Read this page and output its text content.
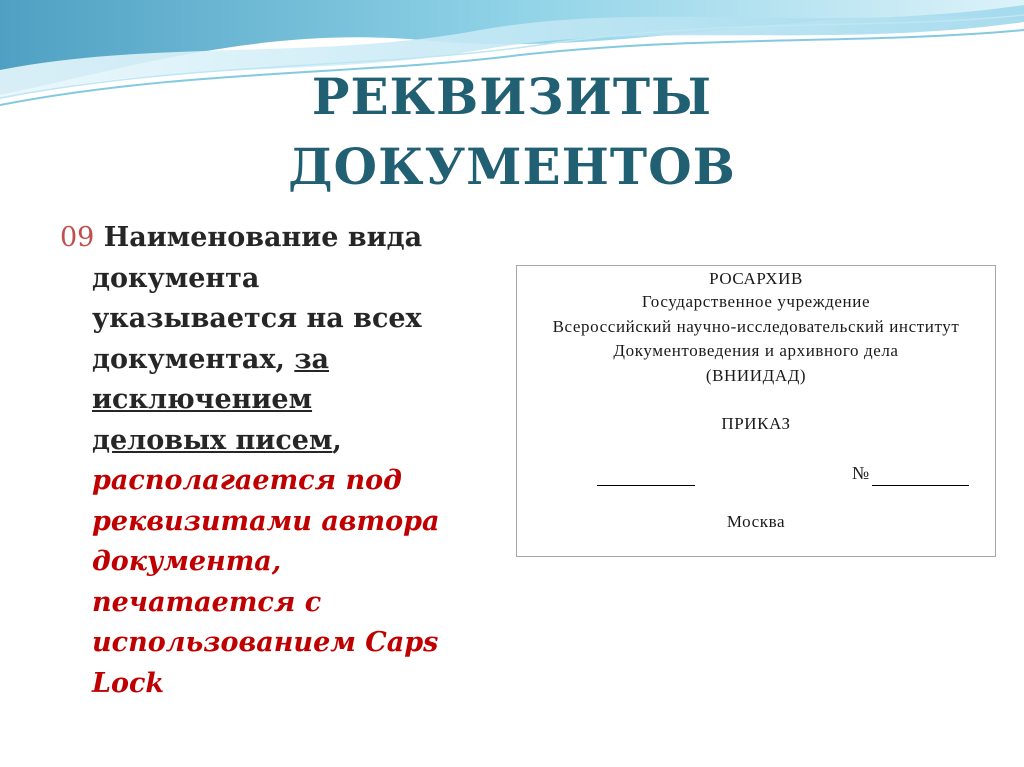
РЕКВИЗИТЫ
ДОКУМЕНТОВ
09 Наименование вида
документа
указывается на всех
документах, за
исключением
деловых писем,
располагается под
реквизитами автора
документа,
печатается с
использованием Caps
Lock
РОСАРХИВ
Государственное учреждение
Всероссийский научно-исследовательский институт
Документоведения и архивного дела
(ВНИИДАД)
ПРИКАЗ
№
Москва
